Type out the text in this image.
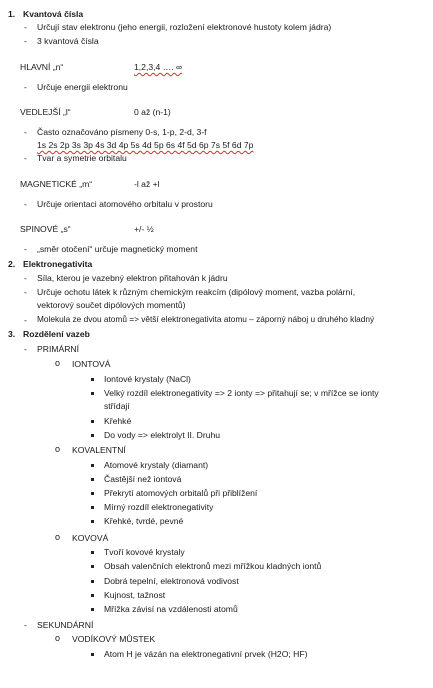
1. Kvantová čísla
- Určují stav elektronu (jeho energii, rozložení elektronové hustoty kolem jádra)
- 3 kvantová čísla
HLAVNÍ „n“	1,2,3,4 …. ∞
- Určuje energii elektronu
VEDLEJŠÍ „l“	0 až (n-1)
- Často označováno písmeny 0-s, 1-p, 2-d, 3-f
1s 2s 2p 3s 3p 4s 3d 4p 5s 4d 5p 6s 4f 5d 6p 7s 5f 6d 7p
- Tvar a symetrie orbitalu
MAGNETICKÉ „m“	-l až +l
- Určuje orientaci atomového orbitalu v prostoru
SPINOVÉ „s“	+/- ½
- „směr otočení“ určuje magnetický moment
2. Elektronegativita
- Síla, kterou je vazebný elektron přitahován k jádru
- Určuje ochotu látek k různým chemickým reakcím (dipólový moment, vazba polární,
vektorový součet dipólových momentů)
- Molekula ze dvou atomů => větší elektronegativita atomu – záporný náboj u druhého kladný
3. Rozdělení vazeb
- PRIMÁRNÍ
o IONTOVÁ
Iontové krystaly (NaCl)
Velký rozdíl elektronegativity => 2 ionty => přitahují se; v mřížce se ionty
střídají
Křehké
Do vody => elektrolyt II. Druhu
o KOVALENTNÍ
Atomové krystaly (diamant)
Častější než iontová
Překrytí atomových orbitalů při přiblížení
Mírný rozdíl elektronegativity
Křehké, tvrdé, pevné
o KOVOVÁ
Tvoří kovové krystaly
Obsah valenčních elektronů mezi mřížkou kladných iontů
Dobrá tepelní, elektronová vodivost
Kujnost, tažnost
Mřížka závisí na vzdálenosti atomů
- SEKUNDÁRNÍ
o VODÍKOVÝ MŮSTEK
Atom H je vázán na elektronegativní prvek (H2O; HF)
